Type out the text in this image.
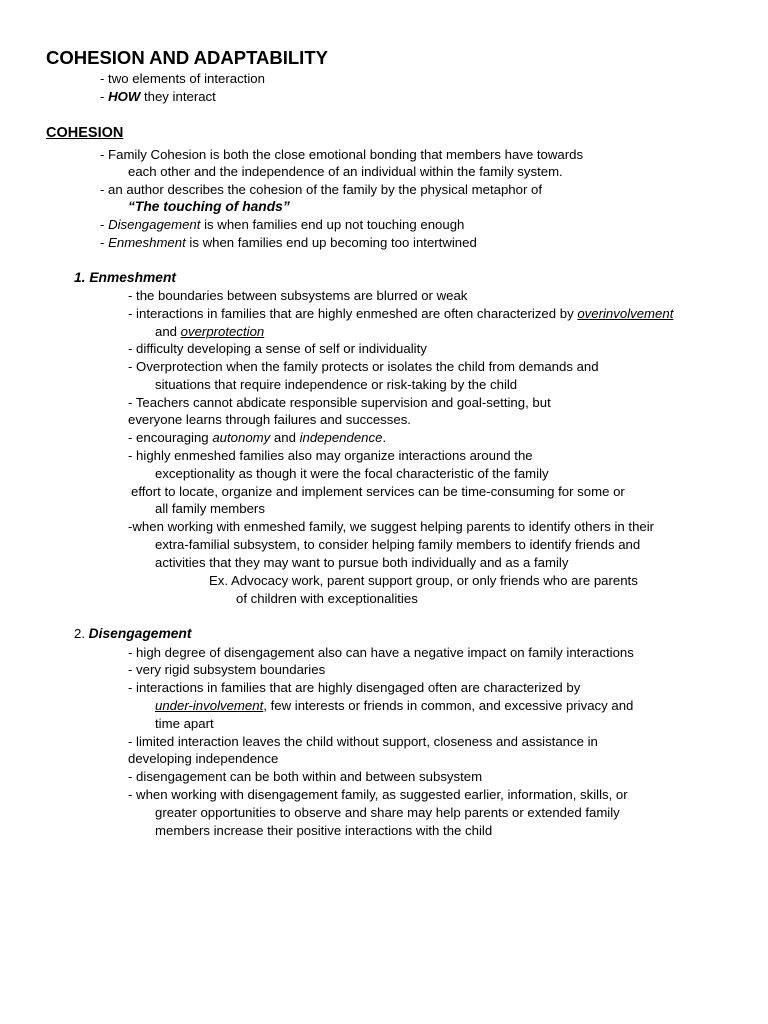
COHESION AND ADAPTABILITY
- two elements of interaction
- HOW they interact
COHESION
- Family Cohesion is both the close emotional bonding that members have towards
each other and the independence of an individual within the family system.
- an author describes the cohesion of the family by the physical metaphor of
“The touching of hands”
- Disengagement is when families end up not touching enough
- Enmeshment is when families end up becoming too intertwined
1. Enmeshment
- the boundaries between subsystems are blurred or weak
- interactions in families that are highly enmeshed are often characterized by overinvolvement
and overprotection
- difficulty developing a sense of self or individuality
- Overprotection when the family protects or isolates the child from demands and
situations that require independence or risk-taking by the child
- Teachers cannot abdicate responsible supervision and goal-setting, but
everyone learns through failures and successes.
- encouraging autonomy and independence.
- highly enmeshed families also may organize interactions around the
exceptionality as though it were the focal characteristic of the family
effort to locate, organize and implement services can be time-consuming for some or
all family members
-when working with enmeshed family, we suggest helping parents to identify others in their
extra-familial subsystem, to consider helping family members to identify friends and
activities that they may want to pursue both individually and as a family
Ex. Advocacy work, parent support group, or only friends who are parents
of children with exceptionalities
2. Disengagement
- high degree of disengagement also can have a negative impact on family interactions
- very rigid subsystem boundaries
- interactions in families that are highly disengaged often are characterized by
under-involvement, few interests or friends in common, and excessive privacy and
time apart
- limited interaction leaves the child without support, closeness and assistance in
developing independence
- disengagement can be both within and between subsystem
- when working with disengagement family, as suggested earlier, information, skills, or
greater opportunities to observe and share may help parents or extended family
members increase their positive interactions with the child
